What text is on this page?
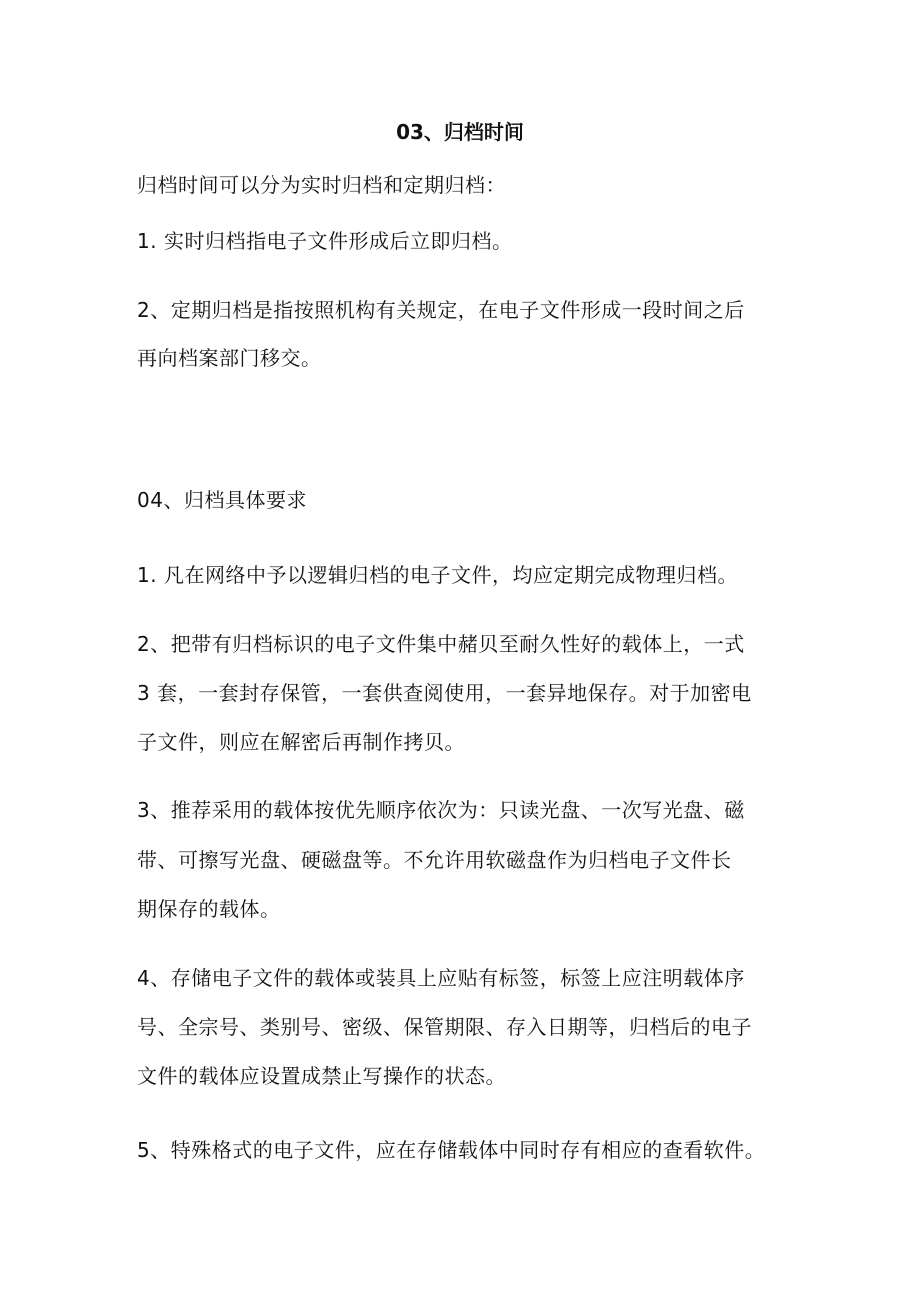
03、归档时间
归档时间可以分为实时归档和定期归档：
1. 实时归档指电子文件形成后立即归档。
2、定期归档是指按照机构有关规定，在电子文件形成一段时间之后
再向档案部门移交。
04、归档具体要求
1. 凡在网络中予以逻辑归档的电子文件，均应定期完成物理归档。
2、把带有归档标识的电子文件集中赭贝至耐久性好的载体上，一式
3 套，一套封存保管，一套供查阅使用，一套异地保存。对于加密电
子文件，则应在解密后再制作拷贝。
3、推荐采用的载体按优先顺序依次为：只读光盘、一次写光盘、磁
带、可擦写光盘、硬磁盘等。不允许用软磁盘作为归档电子文件长
期保存的载体。
4、存储电子文件的载体或装具上应贴有标签，标签上应注明载体序
号、全宗号、类别号、密级、保管期限、存入日期等，归档后的电子
文件的载体应设置成禁止写操作的状态。
5、特殊格式的电子文件，应在存储载体中同时存有相应的查看软件。
